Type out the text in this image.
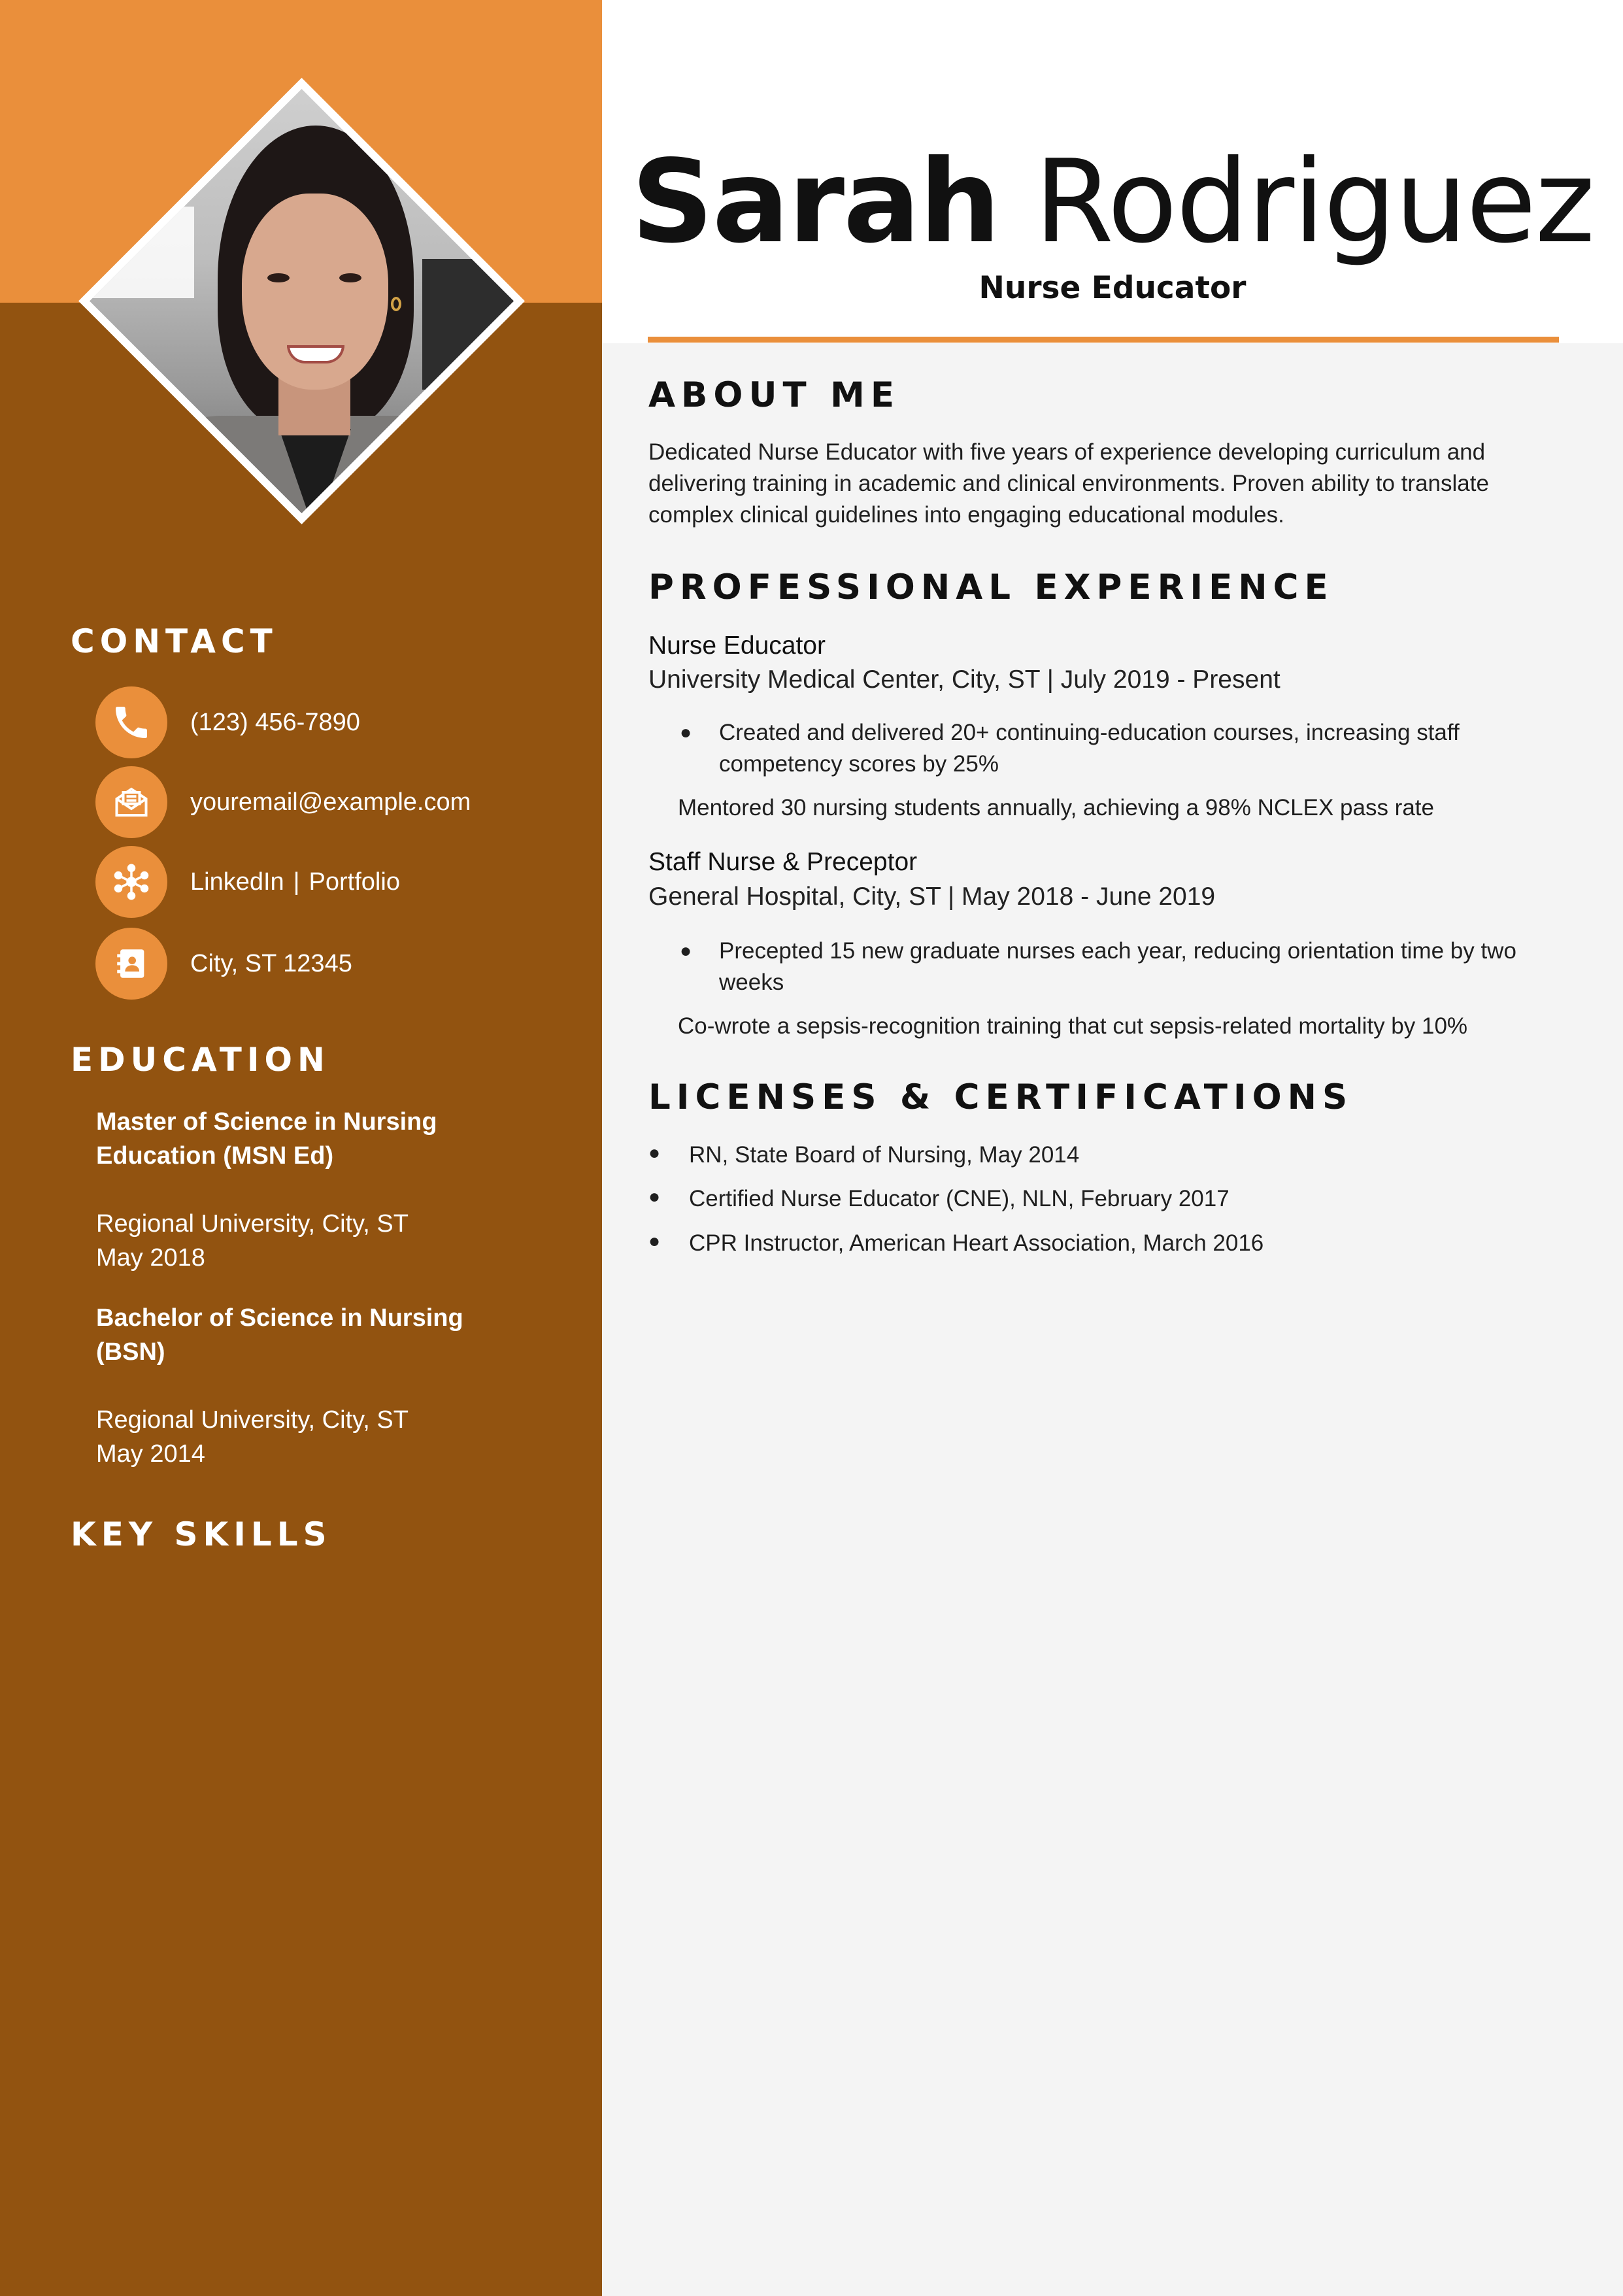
CONTACT
(123) 456-7890
youremail@example.com
LinkedIn | Portfolio
City, ST 12345
EDUCATION
Master of Science in Nursing
Education (MSN Ed)
Regional University, City, ST
May 2018
Bachelor of Science in Nursing
(BSN)
Regional University, City, ST
May 2014
KEY SKILLS
Sarah Rodriguez
Nurse Educator
ABOUT ME
Dedicated Nurse Educator with five years of experience developing curriculum and delivering training in academic and clinical environments. Proven ability to translate complex clinical guidelines into engaging educational modules.
PROFESSIONAL EXPERIENCE
Nurse Educator
University Medical Center, City, ST | July 2019 - Present
●	Created and delivered 20+ continuing-education courses, increasing staff competency scores by 25%
Mentored 30 nursing students annually, achieving a 98% NCLEX pass rate
Staff Nurse & Preceptor
General Hospital, City, ST | May 2018 - June 2019
●	Precepted 15 new graduate nurses each year, reducing orientation time by two weeks
Co-wrote a sepsis-recognition training that cut sepsis-related mortality by 10%
LICENSES & CERTIFICATIONS
●	RN, State Board of Nursing, May 2014
●	Certified Nurse Educator (CNE), NLN, February 2017
●	CPR Instructor, American Heart Association, March 2016
